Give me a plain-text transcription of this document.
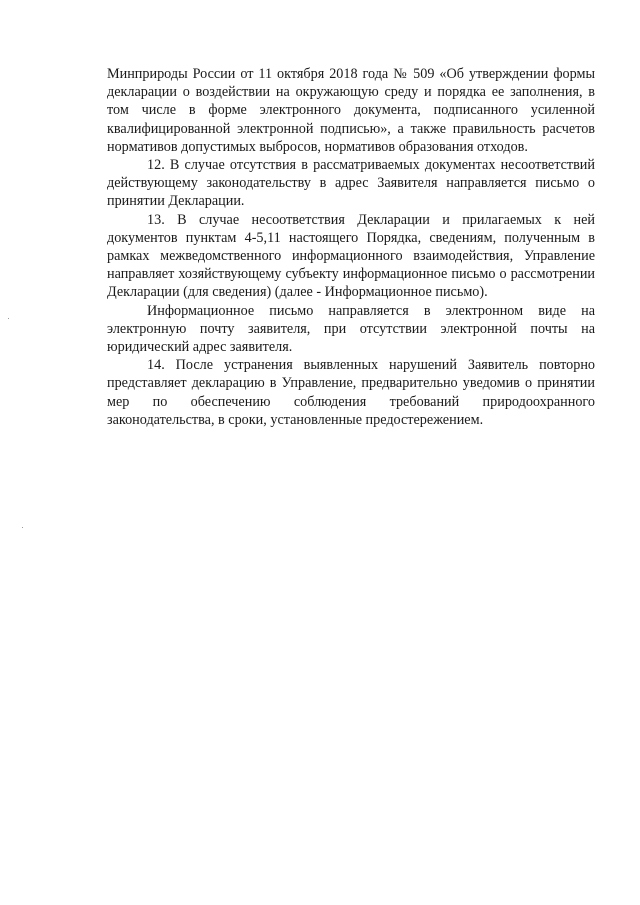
Минприроды России от 11 октября 2018 года № 509 «Об утверждении формы декларации о воздействии на окружающую среду и порядка ее заполнения, в том числе в форме электронного документа, подписанного усиленной квалифицированной электронной подписью», а также правильность расчетов нормативов допустимых выбросов, нормативов образования отходов.

12. В случае отсутствия в рассматриваемых документах несоответствий действующему законодательству в адрес Заявителя направляется письмо о принятии Декларации.

13. В случае несоответствия Декларации и прилагаемых к ней документов пунктам 4-5,11 настоящего Порядка, сведениям, полученным в рамках межведомственного информационного взаимодействия, Управление направляет хозяйствующему субъекту информационное письмо о рассмотрении Декларации (для сведения) (далее - Информационное письмо).

Информационное письмо направляется в электронном виде на электронную почту заявителя, при отсутствии электронной почты на юридический адрес заявителя.

14. После устранения выявленных нарушений Заявитель повторно представляет декларацию в Управление, предварительно уведомив о принятии мер по обеспечению соблюдения требований природоохранного законодательства, в сроки, установленные предостережением.
